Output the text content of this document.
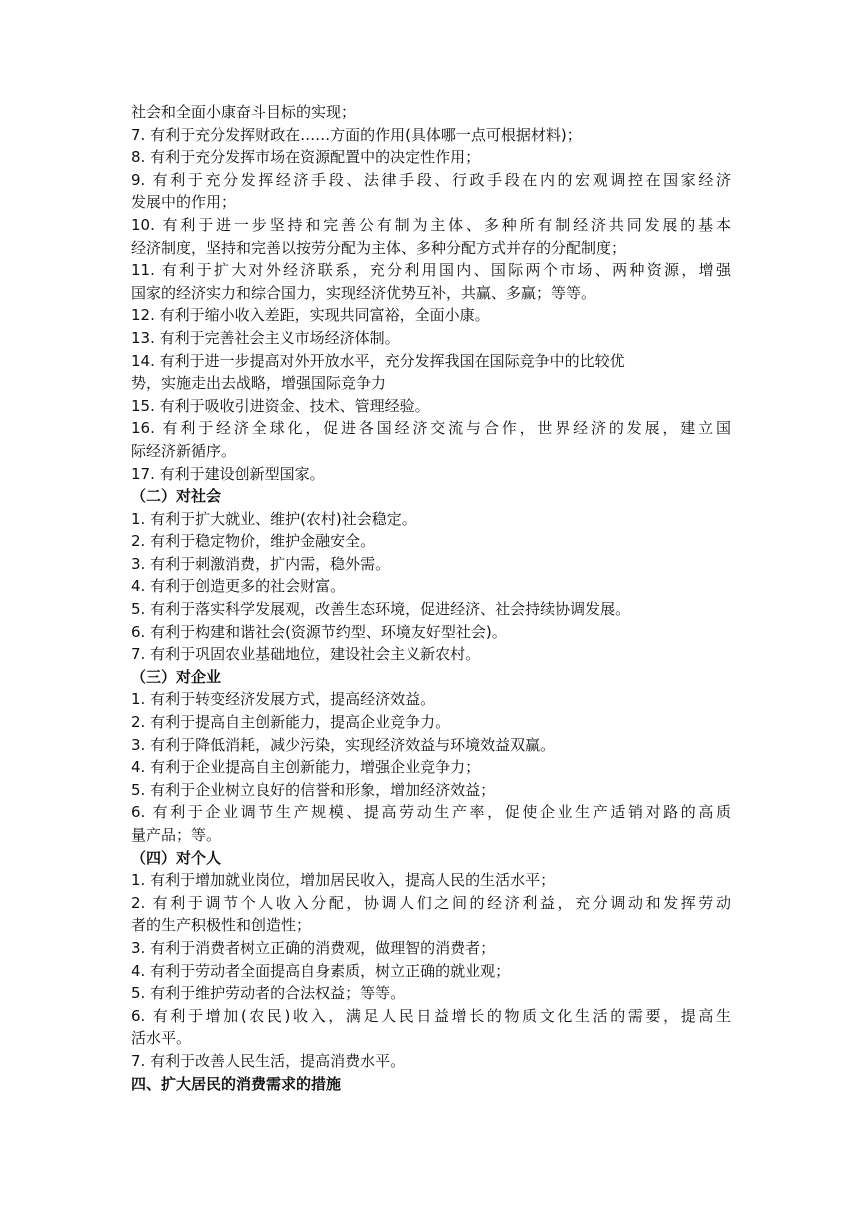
社会和全面小康奋斗目标的实现；
7. 有利于充分发挥财政在……方面的作用(具体哪一点可根据材料)；
8. 有利于充分发挥市场在资源配置中的决定性作用；
9. 有利于充分发挥经济手段、法律手段、行政手段在内的宏观调控在国家经济
发展中的作用；
10. 有利于进一步坚持和完善公有制为主体、多种所有制经济共同发展的基本
经济制度，坚持和完善以按劳分配为主体、多种分配方式并存的分配制度；
11. 有利于扩大对外经济联系，充分利用国内、国际两个市场、两种资源，增强
国家的经济实力和综合国力，实现经济优势互补，共赢、多赢；等等。
12. 有利于缩小收入差距，实现共同富裕，全面小康。
13. 有利于完善社会主义市场经济体制。
14. 有利于进一步提高对外开放水平，充分发挥我国在国际竞争中的比较优
势，实施走出去战略，增强国际竞争力
15. 有利于吸收引进资金、技术、管理经验。
16. 有利于经济全球化，促进各国经济交流与合作，世界经济的发展，建立国
际经济新循序。
17. 有利于建设创新型国家。
（二）对社会
1. 有利于扩大就业、维护(农村)社会稳定。
2. 有利于稳定物价，维护金融安全。
3. 有利于刺激消费，扩内需，稳外需。
4. 有利于创造更多的社会财富。
5. 有利于落实科学发展观，改善生态环境，促进经济、社会持续协调发展。
6. 有利于构建和谐社会(资源节约型、环境友好型社会)。
7. 有利于巩固农业基础地位，建设社会主义新农村。
（三）对企业
1. 有利于转变经济发展方式，提高经济效益。
2. 有利于提高自主创新能力，提高企业竞争力。
3. 有利于降低消耗，减少污染，实现经济效益与环境效益双赢。
4. 有利于企业提高自主创新能力，增强企业竞争力；
5. 有利于企业树立良好的信誉和形象，增加经济效益；
6. 有利于企业调节生产规模、提高劳动生产率，促使企业生产适销对路的高质
量产品；等。
（四）对个人
1. 有利于增加就业岗位，增加居民收入，提高人民的生活水平；
2. 有利于调节个人收入分配，协调人们之间的经济利益，充分调动和发挥劳动
者的生产积极性和创造性；
3. 有利于消费者树立正确的消费观，做理智的消费者；
4. 有利于劳动者全面提高自身素质，树立正确的就业观；
5. 有利于维护劳动者的合法权益；等等。
6. 有利于增加(农民)收入，满足人民日益增长的物质文化生活的需要，提高生
活水平。
7. 有利于改善人民生活，提高消费水平。
四、扩大居民的消费需求的措施
